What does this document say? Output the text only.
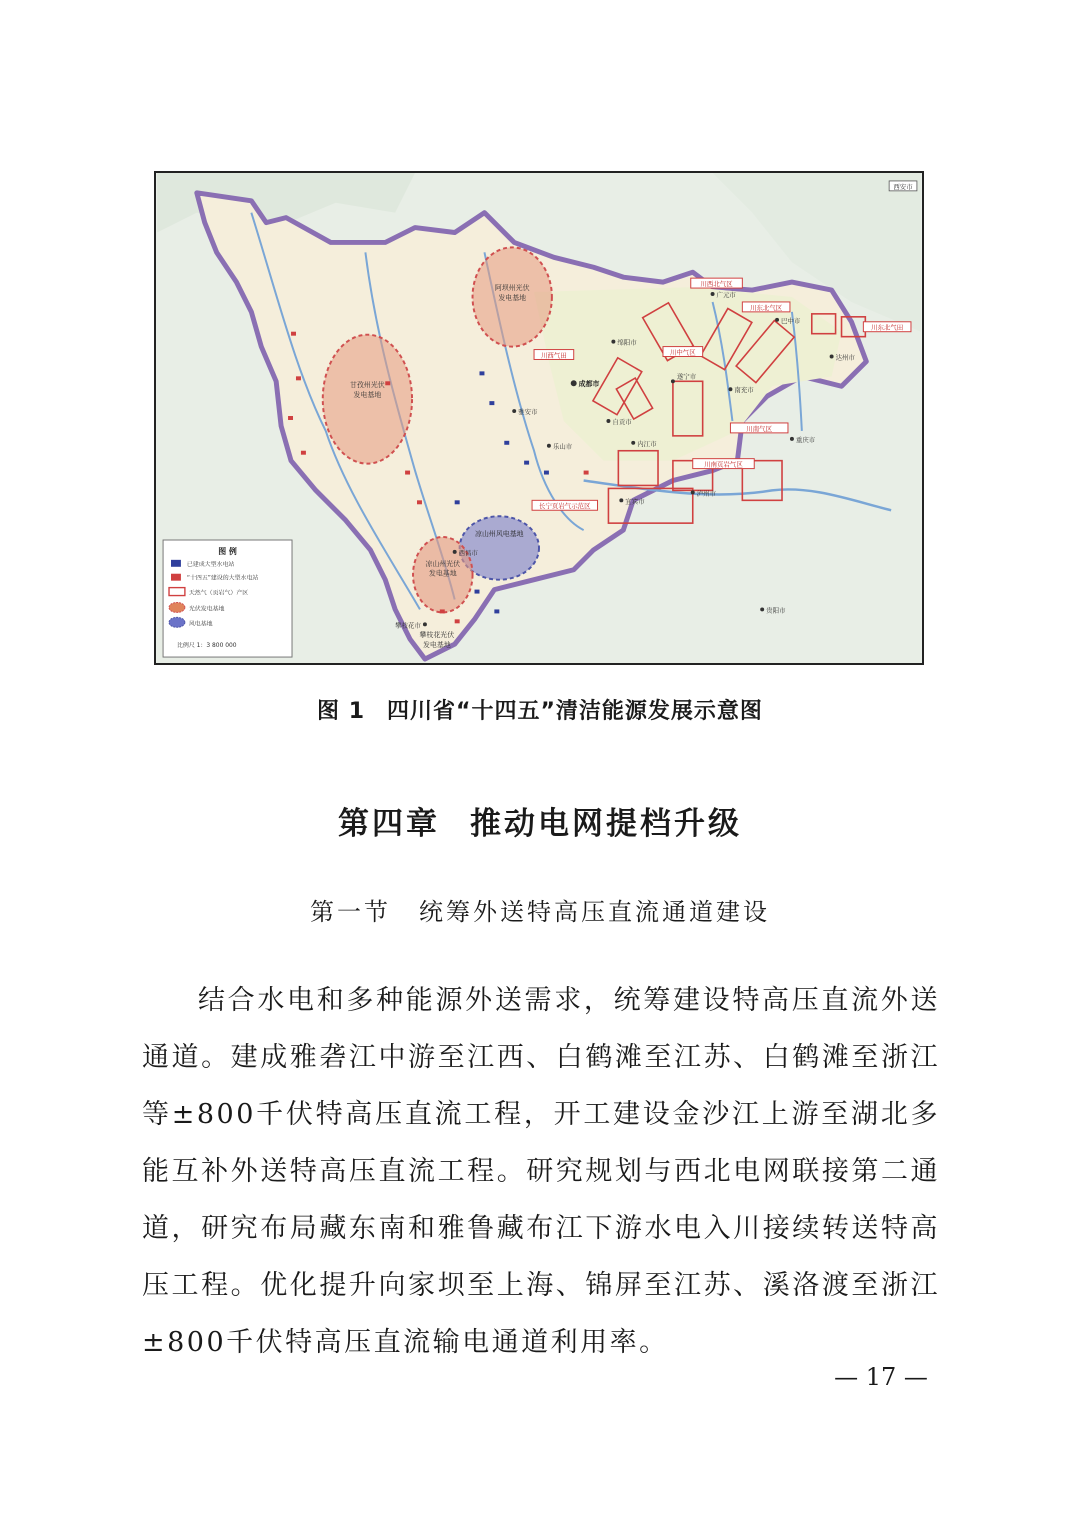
阿坝州光伏
发电基地
甘孜州光伏
发电基地
凉山州风电基地
凉山州光伏
发电基地
攀枝花光伏
发电基地
川西北气区
川东北气区
川中气区
川南气区
川西气田
川东北气田
川南页岩气区
长宁页岩气示范区
成都市
绵阳市
南充市
达州市
宜宾市
泸州市
内江市
乐山市
西昌市
巴中市
广元市
重庆市
贵阳市
西安市
攀枝花市
自贡市
雅安市
遂宁市
图 例
已建成大型水电站
“十四五”建设的大型水电站
天然气（页岩气）产区
光伏发电基地
风电基地
比例尺 1：3 800 000
图 1 四川省“十四五”清洁能源发展示意图
第四章 推动电网提档升级
第一节 统筹外送特高压直流通道建设

结合水电和多种能源外送需求，统筹建设特高压直流外送通道。建成雅砻江中游至江西、白鹤滩至江苏、白鹤滩至浙江等±800千伏特高压直流工程，开工建设金沙江上游至湖北多能互补外送特高压直流工程。研究规划与西北电网联接第二通道，研究布局藏东南和雅鲁藏布江下游水电入川接续转送特高压工程。优化提升向家坝至上海、锦屏至江苏、溪洛渡至浙江±800千伏特高压直流输电通道利用率。

— 17 —
